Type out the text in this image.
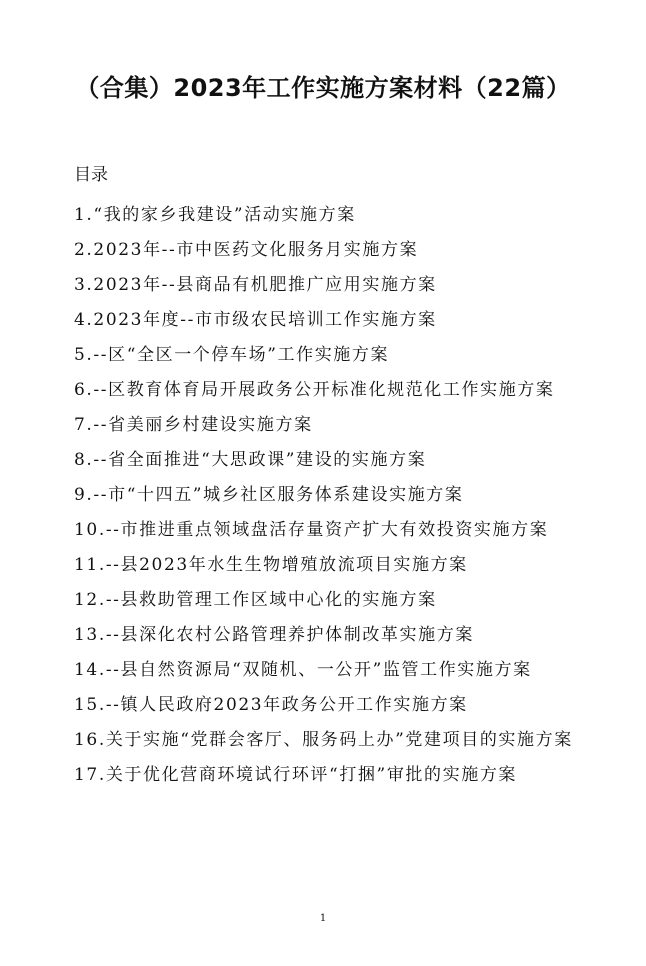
（合集）2023年工作实施方案材料（22篇）
目录
1.“我的家乡我建设”活动实施方案
2.2023年--市中医药文化服务月实施方案
3.2023年--县商品有机肥推广应用实施方案
4.2023年度--市市级农民培训工作实施方案
5.--区“全区一个停车场”工作实施方案
6.--区教育体育局开展政务公开标准化规范化工作实施方案
7.--省美丽乡村建设实施方案
8.--省全面推进“大思政课”建设的实施方案
9.--市“十四五”城乡社区服务体系建设实施方案
10.--市推进重点领域盘活存量资产扩大有效投资实施方案
11.--县2023年水生生物增殖放流项目实施方案
12.--县救助管理工作区域中心化的实施方案
13.--县深化农村公路管理养护体制改革实施方案
14.--县自然资源局“双随机、一公开”监管工作实施方案
15.--镇人民政府2023年政务公开工作实施方案
16.关于实施“党群会客厅、服务码上办”党建项目的实施方案
17.关于优化营商环境试行环评“打捆”审批的实施方案
1
